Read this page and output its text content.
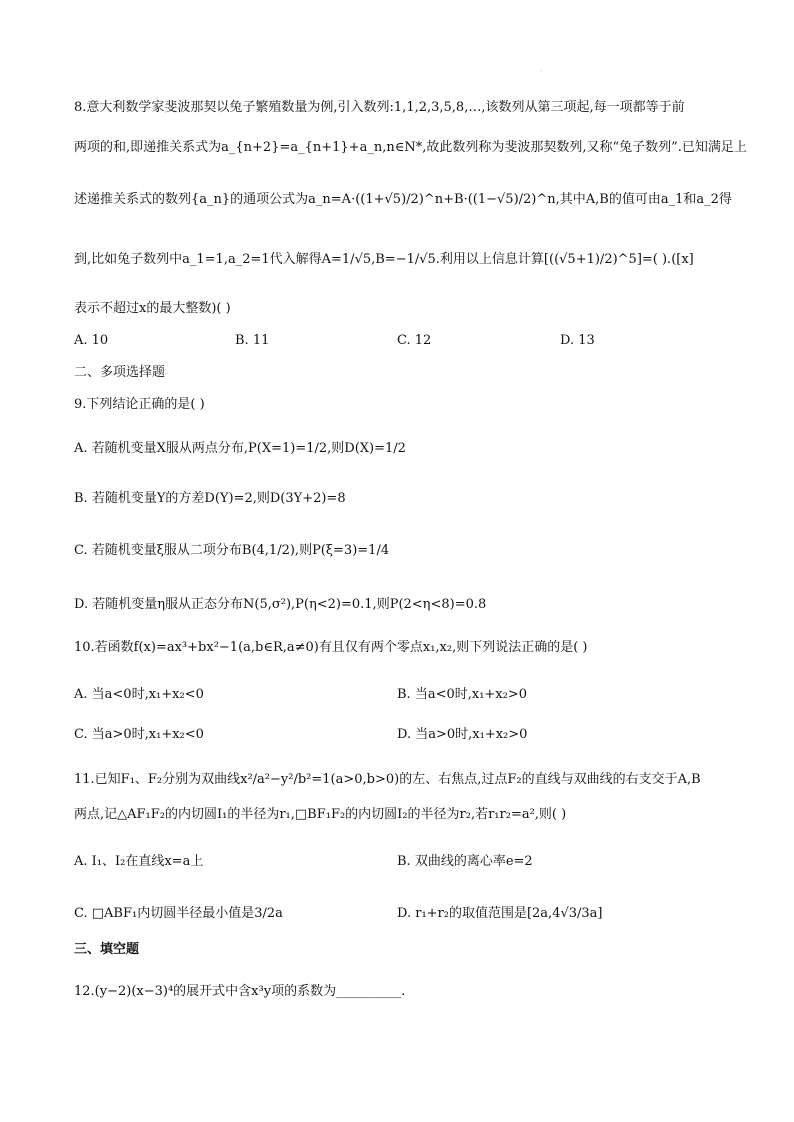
·
8.意大利数学家斐波那契以兔子繁殖数量为例,引入数列:1,1,2,3,5,8,…,该数列从第三项起,每一项都等于前
两项的和,即递推关系式为a_{n+2}=a_{n+1}+a_n,n∈N*,故此数列称为斐波那契数列,又称“兔子数列”.已知满足上
述递推关系式的数列{a_n}的通项公式为a_n=A·((1+√5)/2)^n+B·((1−√5)/2)^n,其中A,B的值可由a_1和a_2得
到,比如兔子数列中a_1=1,a_2=1代入解得A=1/√5,B=−1/√5.利用以上信息计算[((√5+1)/2)^5]=( ).([x]
表示不超过x的最大整数)( )
A. 10	B. 11	C. 12	D. 13
二、多项选择题
9.下列结论正确的是( )
A. 若随机变量X服从两点分布,P(X=1)=1/2,则D(X)=1/2
B. 若随机变量Y的方差D(Y)=2,则D(3Y+2)=8
C. 若随机变量ξ服从二项分布B(4,1/2),则P(ξ=3)=1/4
D. 若随机变量η服从正态分布N(5,σ²),P(η<2)=0.1,则P(2<η<8)=0.8
10.若函数f(x)=ax³+bx²−1(a,b∈R,a≠0)有且仅有两个零点x₁,x₂,则下列说法正确的是( )
A. 当a<0时,x₁+x₂<0	B. 当a<0时,x₁+x₂>0
C. 当a>0时,x₁+x₂<0	D. 当a>0时,x₁+x₂>0
11.已知F₁、F₂分别为双曲线x²/a²−y²/b²=1(a>0,b>0)的左、右焦点,过点F₂的直线与双曲线的右支交于A,B
两点,记△AF₁F₂的内切圆I₁的半径为r₁,□BF₁F₂的内切圆I₂的半径为r₂,若r₁r₂=a²,则( )
A. I₁、I₂在直线x=a上	B. 双曲线的离心率e=2
C. □ABF₁内切圆半径最小值是3/2a	D. r₁+r₂的取值范围是[2a,4√3/3a]
三、填空题
12.(y−2)(x−3)⁴的展开式中含x³y项的系数为__________.
